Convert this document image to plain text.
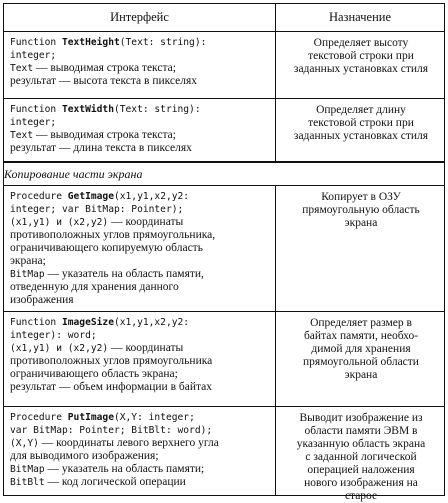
Интерфейс	Назначение
Function TextHeight(Text: string):
integer;
Text — выводимая строка текста;
результат — высота текста в пикселях
Определяет высоту
текстовой строки при
заданных установках стиля
Function TextWidth(Text: string):
integer;
Text — выводимая строка текста;
результат — длина текста в пикселях
Определяет длину
текстовой строки при
заданных установках стиля
Копирование части экрана
Procedure GetImage(x1,y1,x2,y2:
integer; var BitMap: Pointer);
(x1,y1) и (x2,y2) — координаты
противоположных углов прямоугольника,
ограничивающего копируемую область
экрана;
BitMap — указатель на область памяти,
отведенную для хранения данного
изображения
Копирует в ОЗУ
прямоугольную область
экрана
Function ImageSize(x1,y1,x2,y2:
integer): word;
(x1,y1) и (x2,y2) — координаты
противоположных углов прямоугольника
ограничивающего область экрана;
результат — объем информации в байтах
Определяет размер в
байтах памяти, необхо-
димой для хранения
прямоугольной области
экрана
Procedure PutImage(X,Y: integer;
var BitMap: Pointer; BitBlt: word);
(X,Y) — координаты левого верхнего угла
для выводимого изображения;
BitMap — указатель на область памяти;
BitBlt — код логической операции
Выводит изображение из
области памяти ЭВМ в
указанную область экрана
с заданной логической
операцией наложения
нового изображения на
старое
